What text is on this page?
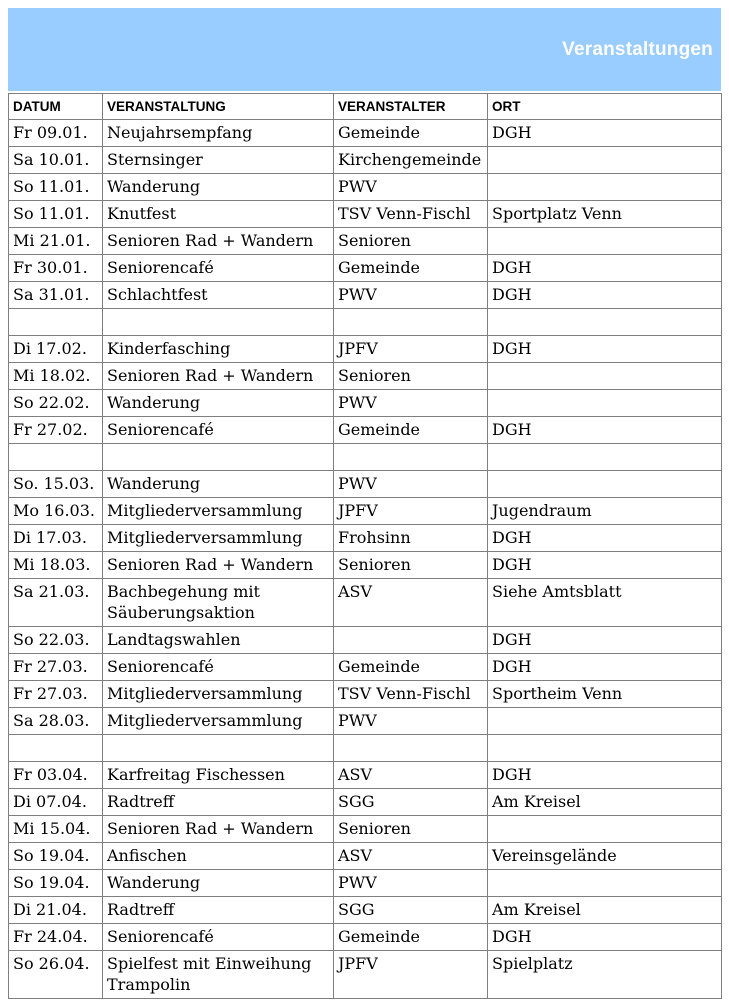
Veranstaltungen
DATUM	VERANSTALTUNG	VERANSTALTER	ORT
Fr 09.01.	Neujahrsempfang	Gemeinde	DGH
Sa 10.01.	Sternsinger	Kirchengemeinde	
So 11.01.	Wanderung	PWV	
So 11.01.	Knutfest	TSV Venn-Fischl	Sportplatz Venn
Mi 21.01.	Senioren Rad + Wandern	Senioren	
Fr 30.01.	Seniorencafé	Gemeinde	DGH
Sa 31.01.	Schlachtfest	PWV	DGH

Di 17.02.	Kinderfasching	JPFV	DGH
Mi 18.02.	Senioren Rad + Wandern	Senioren	
So 22.02.	Wanderung	PWV	
Fr 27.02.	Seniorencafé	Gemeinde	DGH

So. 15.03.	Wanderung	PWV	
Mo 16.03.	Mitgliederversammlung	JPFV	Jugendraum
Di 17.03.	Mitgliederversammlung	Frohsinn	DGH
Mi 18.03.	Senioren Rad + Wandern	Senioren	DGH
Sa 21.03.	Bachbegehung mit Säuberungsaktion	ASV	Siehe Amtsblatt
So 22.03.	Landtagswahlen		DGH
Fr 27.03.	Seniorencafé	Gemeinde	DGH
Fr 27.03.	Mitgliederversammlung	TSV Venn-Fischl	Sportheim Venn
Sa 28.03.	Mitgliederversammlung	PWV	

Fr 03.04.	Karfreitag Fischessen	ASV	DGH
Di 07.04.	Radtreff	SGG	Am Kreisel
Mi 15.04.	Senioren Rad + Wandern	Senioren	
So 19.04.	Anfischen	ASV	Vereinsgelände
So 19.04.	Wanderung	PWV	
Di 21.04.	Radtreff	SGG	Am Kreisel
Fr 24.04.	Seniorencafé	Gemeinde	DGH
So 26.04.	Spielfest mit Einweihung Trampolin	JPFV	Spielplatz
